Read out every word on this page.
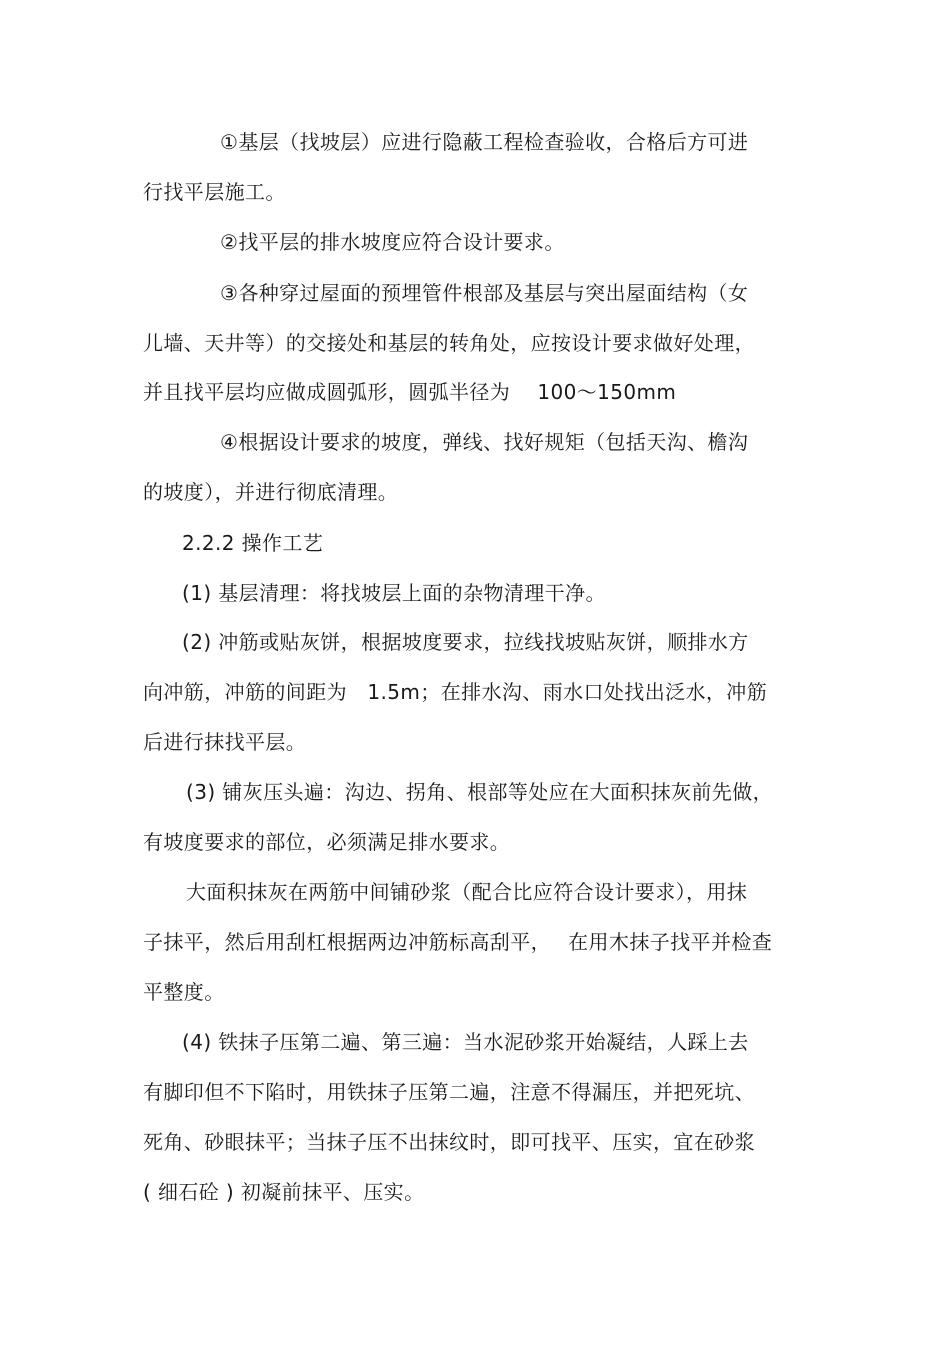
①基层（找坡层）应进行隐蔽工程检查验收，合格后方可进
行找平层施工。
②找平层的排水坡度应符合设计要求。
③各种穿过屋面的预埋管件根部及基层与突出屋面结构（女
儿墙、天井等）的交接处和基层的转角处，应按设计要求做好处理，
并且找平层均应做成圆弧形，圆弧半径为　 100～150mm
④根据设计要求的坡度，弹线、找好规矩（包括天沟、檐沟
的坡度），并进行彻底清理。
2.2.2 操作工艺
(1) 基层清理：将找坡层上面的杂物清理干净。
(2) 冲筋或贴灰饼，根据坡度要求，拉线找坡贴灰饼，顺排水方
向冲筋，冲筋的间距为　1.5m；在排水沟、雨水口处找出泛水，冲筋
后进行抹找平层。
(3) 铺灰压头遍：沟边、拐角、根部等处应在大面积抹灰前先做，
有坡度要求的部位，必须满足排水要求。
大面积抹灰在两筋中间铺砂浆（配合比应符合设计要求），用抹
子抹平，然后用刮杠根据两边冲筋标高刮平，　 在用木抹子找平并检查
平整度。
(4) 铁抹子压第二遍、第三遍：当水泥砂浆开始凝结，人踩上去
有脚印但不下陷时，用铁抹子压第二遍，注意不得漏压，并把死坑、
死角、砂眼抹平；当抹子压不出抹纹时，即可找平、压实，宜在砂浆
( 细石砼 ) 初凝前抹平、压实。
